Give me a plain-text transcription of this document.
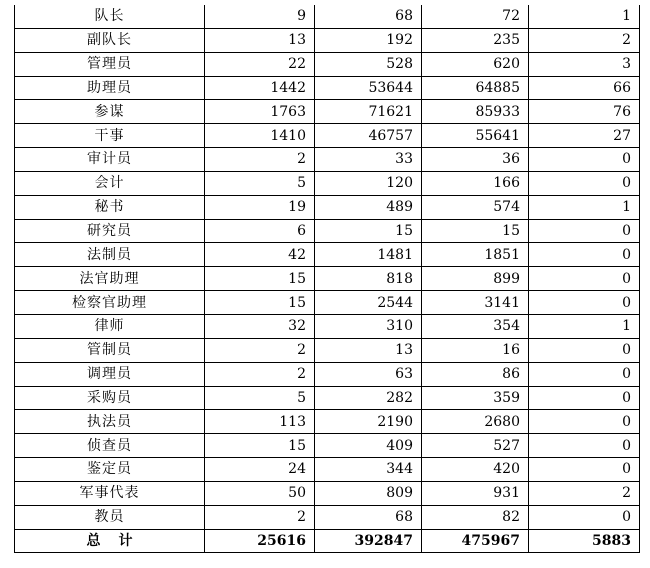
队长	9	68	72	1
副队长	13	192	235	2
管理员	22	528	620	3
助理员	1442	53644	64885	66
参谋	1763	71621	85933	76
干事	1410	46757	55641	27
审计员	2	33	36	0
会计	5	120	166	0
秘书	19	489	574	1
研究员	6	15	15	0
法制员	42	1481	1851	0
法官助理	15	818	899	0
检察官助理	15	2544	3141	0
律师	32	310	354	1
管制员	2	13	16	0
调理员	2	63	86	0
采购员	5	282	359	0
执法员	113	2190	2680	0
侦查员	15	409	527	0
鉴定员	24	344	420	0
军事代表	50	809	931	2
教员	2	68	82	0
总计	25616	392847	475967	5883
